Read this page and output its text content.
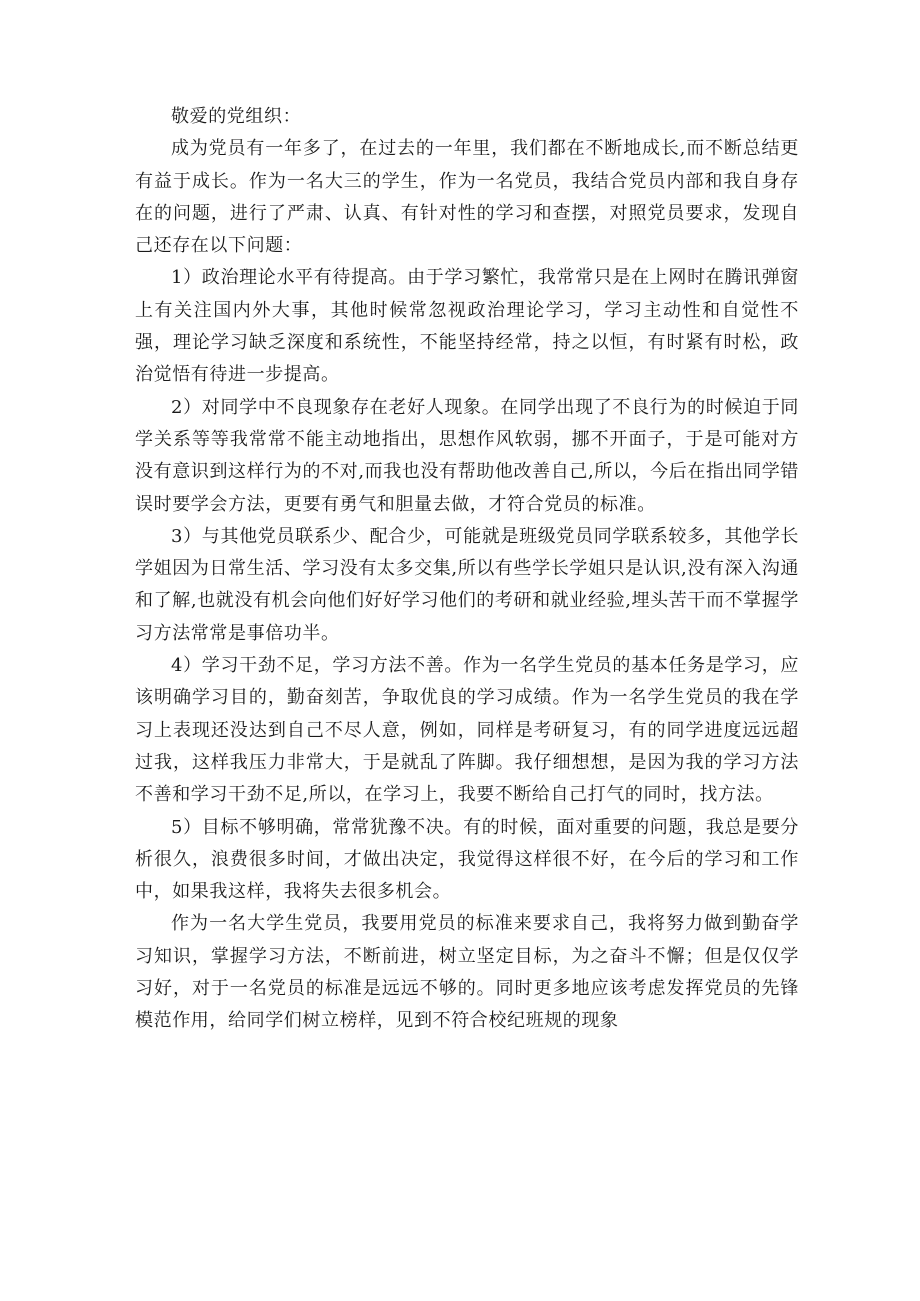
敬爱的党组织：

成为党员有一年多了，在过去的一年里，我们都在不断地成长,而不断总结更有益于成长。作为一名大三的学生，作为一名党员，我结合党员内部和我自身存在的问题，进行了严肃、认真、有针对性的学习和查摆，对照党员要求，发现自己还存在以下问题：

1）政治理论水平有待提高。由于学习繁忙，我常常只是在上网时在腾讯弹窗上有关注国内外大事，其他时候常忽视政治理论学习，学习主动性和自觉性不强，理论学习缺乏深度和系统性，不能坚持经常，持之以恒，有时紧有时松，政治觉悟有待进一步提高。

2）对同学中不良现象存在老好人现象。在同学出现了不良行为的时候迫于同学关系等等我常常不能主动地指出，思想作风软弱，挪不开面子，于是可能对方没有意识到这样行为的不对,而我也没有帮助他改善自己,所以，今后在指出同学错误时要学会方法，更要有勇气和胆量去做，才符合党员的标准。

3）与其他党员联系少、配合少，可能就是班级党员同学联系较多，其他学长学姐因为日常生活、学习没有太多交集,所以有些学长学姐只是认识,没有深入沟通和了解,也就没有机会向他们好好学习他们的考研和就业经验,埋头苦干而不掌握学习方法常常是事倍功半。

4）学习干劲不足，学习方法不善。作为一名学生党员的基本任务是学习，应该明确学习目的，勤奋刻苦，争取优良的学习成绩。作为一名学生党员的我在学习上表现还没达到自己不尽人意，例如，同样是考研复习，有的同学进度远远超过我，这样我压力非常大，于是就乱了阵脚。我仔细想想，是因为我的学习方法不善和学习干劲不足,所以，在学习上，我要不断给自己打气的同时，找方法。

5）目标不够明确，常常犹豫不决。有的时候，面对重要的问题，我总是要分析很久，浪费很多时间，才做出决定，我觉得这样很不好，在今后的学习和工作中，如果我这样，我将失去很多机会。

作为一名大学生党员，我要用党员的标准来要求自己，我将努力做到勤奋学习知识，掌握学习方法，不断前进，树立坚定目标，为之奋斗不懈；但是仅仅学习好，对于一名党员的标准是远远不够的。同时更多地应该考虑发挥党员的先锋模范作用，给同学们树立榜样，见到不符合校纪班规的现象
